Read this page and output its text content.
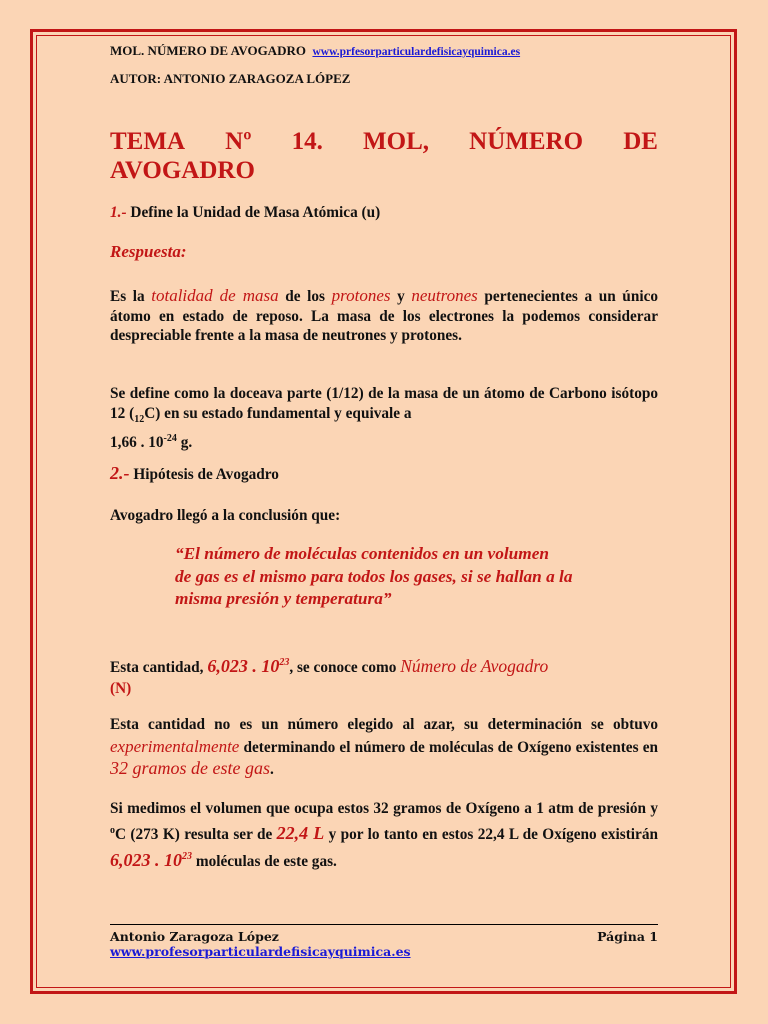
MOL. NÚMERO DE AVOGADRO www.prfesorparticulardefisicayquimica.es
AUTOR: ANTONIO ZARAGOZA LÓPEZ
TEMA Nº 14. MOL, NÚMERO DE
AVOGADRO
1.- Define la Unidad de Masa Atómica (u)
Respuesta:

Es la totalidad de masa de los protones y neutrones pertenecientes a un único átomo en estado de reposo. La masa de los electrones la podemos considerar despreciable frente a la masa de neutrones y protones.

Se define como la doceava parte (1/12) de la masa de un átomo de Carbono isótopo 12 $(_{12}C)$ en su estado fundamental y equivale a
1,66 . $10^{-24}$ g.

2.- Hipótesis de Avogadro
Avogadro llegó a la conclusión que:
“El número de moléculas contenidos en un volumen
de gas es el mismo para todos los gases, si se hallan a la
misma presión y temperatura”

Esta cantidad, 6,023 . $10^{23}$, se conoce como Número de Avogadro
(N)

Esta cantidad no es un número elegido al azar, su determinación se obtuvo experimentalmente determinando el número de moléculas de Oxígeno existentes en 32 gramos de este gas.

Si medimos el volumen que ocupa estos 32 gramos de Oxígeno a 1 atm de presión y $^o$C (273 K) resulta ser de 22,4 L y por lo tanto en estos 22,4 L de Oxígeno existirán 6,023 . $10^{23}$ moléculas de este gas.

Antonio Zaragoza López	Página 1
www.profesorparticulardefisicayquimica.es
